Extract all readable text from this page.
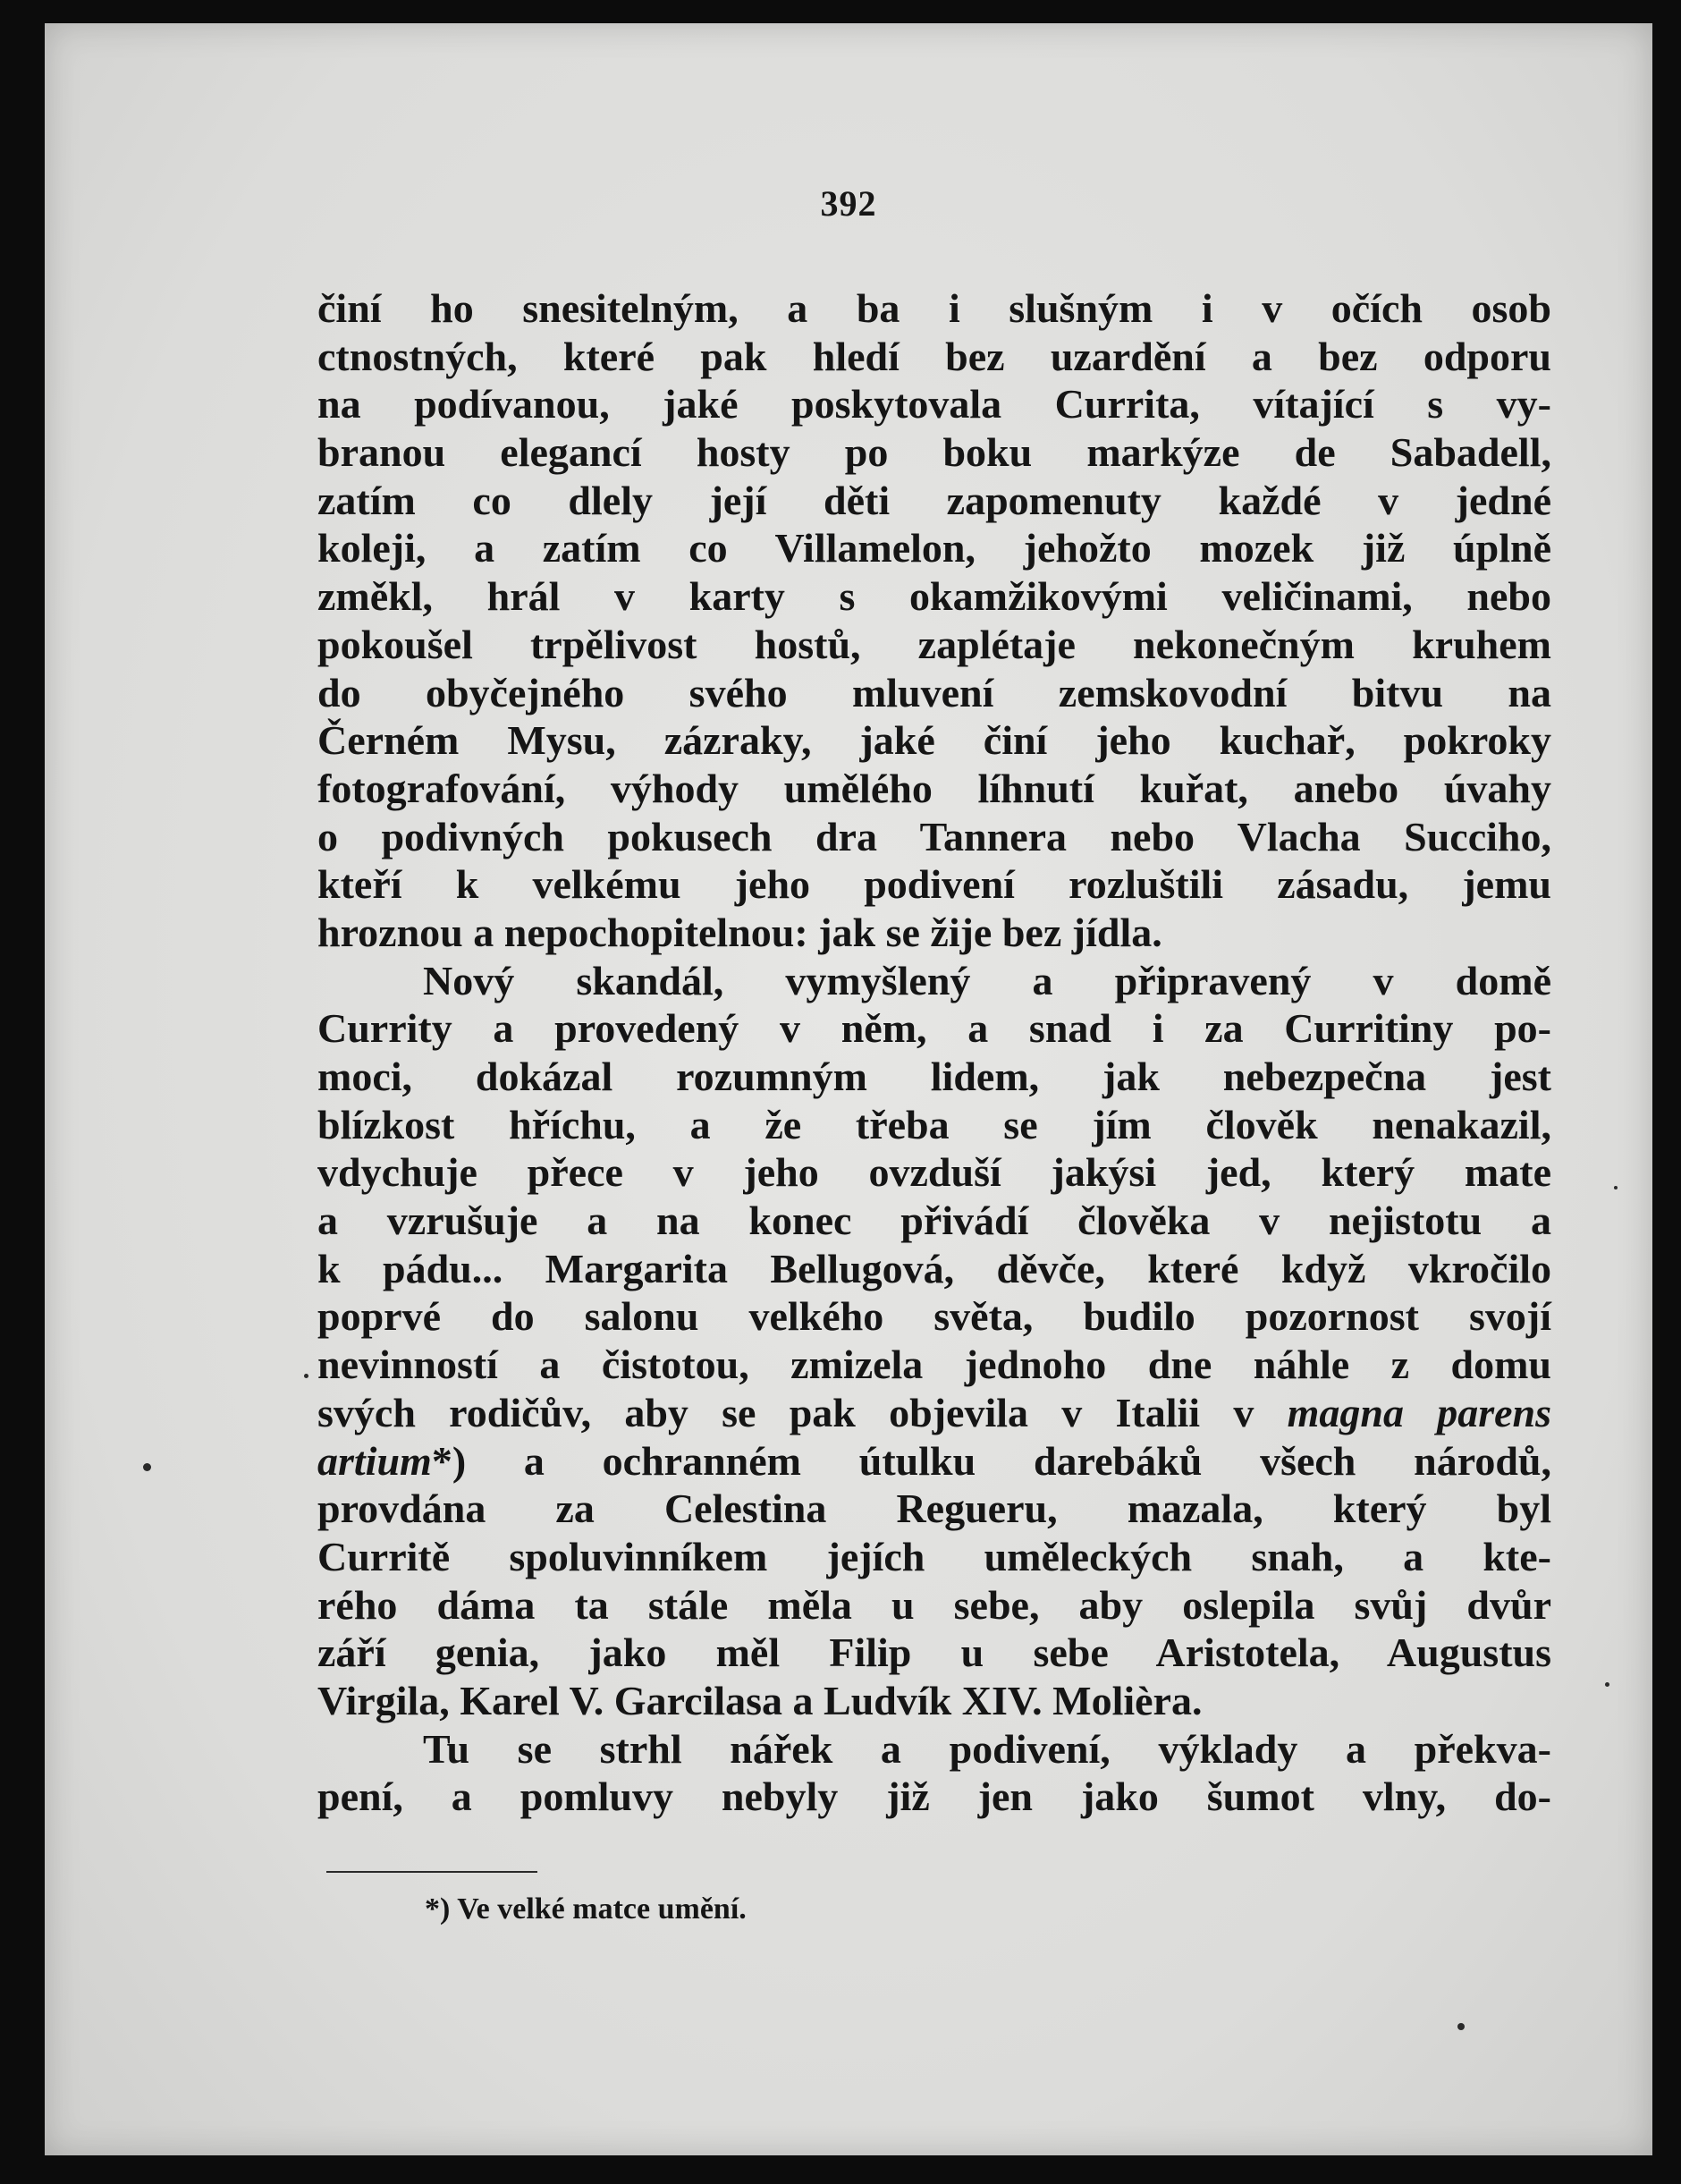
392
činí ho snesitelným, a ba i slušným i v očích osob
ctnostných, které pak hledí bez uzardění a bez odporu
na podívanou, jaké poskytovala Currita, vítající s vy-
branou elegancí hosty po boku markýze de Sabadell,
zatím co dlely její děti zapomenuty každé v jedné
koleji, a zatím co Villamelon, jehožto mozek již úplně
změkl, hrál v karty s okamžikovými veličinami, nebo
pokoušel trpělivost hostů, zaplétaje nekonečným kruhem
do obyčejného svého mluvení zemskovodní bitvu na
Černém Mysu, zázraky, jaké činí jeho kuchař, pokroky
fotografování, výhody umělého líhnutí kuřat, anebo úvahy
o podivných pokusech dra Tannera nebo Vlacha Succiho,
kteří k velkému jeho podivení rozluštili zásadu, jemu
hroznou a nepochopitelnou: jak se žije bez jídla.
Nový skandál, vymyšlený a připravený v domě
Currity a provedený v něm, a snad i za Curritiny po-
moci, dokázal rozumným lidem, jak nebezpečna jest
blízkost hříchu, a že třeba se jím člověk nenakazil,
vdychuje přece v jeho ovzduší jakýsi jed, který mate
a vzrušuje a na konec přivádí člověka v nejistotu a
k pádu... Margarita Bellugová, děvče, které když vkročilo
poprvé do salonu velkého světa, budilo pozornost svojí
nevinností a čistotou, zmizela jednoho dne náhle z domu
svých rodičův, aby se pak objevila v Italii v magna parens
artium*) a ochranném útulku darebáků všech národů,
provdána za Celestina Regueru, mazala, který byl
Curritě spoluvinníkem jejích uměleckých snah, a kte-
rého dáma ta stále měla u sebe, aby oslepila svůj dvůr
září genia, jako měl Filip u sebe Aristotela, Augustus
Virgila, Karel V. Garcilasa a Ludvík XIV. Molièra.
Tu se strhl nářek a podivení, výklady a překva-
pení, a pomluvy nebyly již jen jako šumot vlny, do-
*) Ve velké matce umění.
